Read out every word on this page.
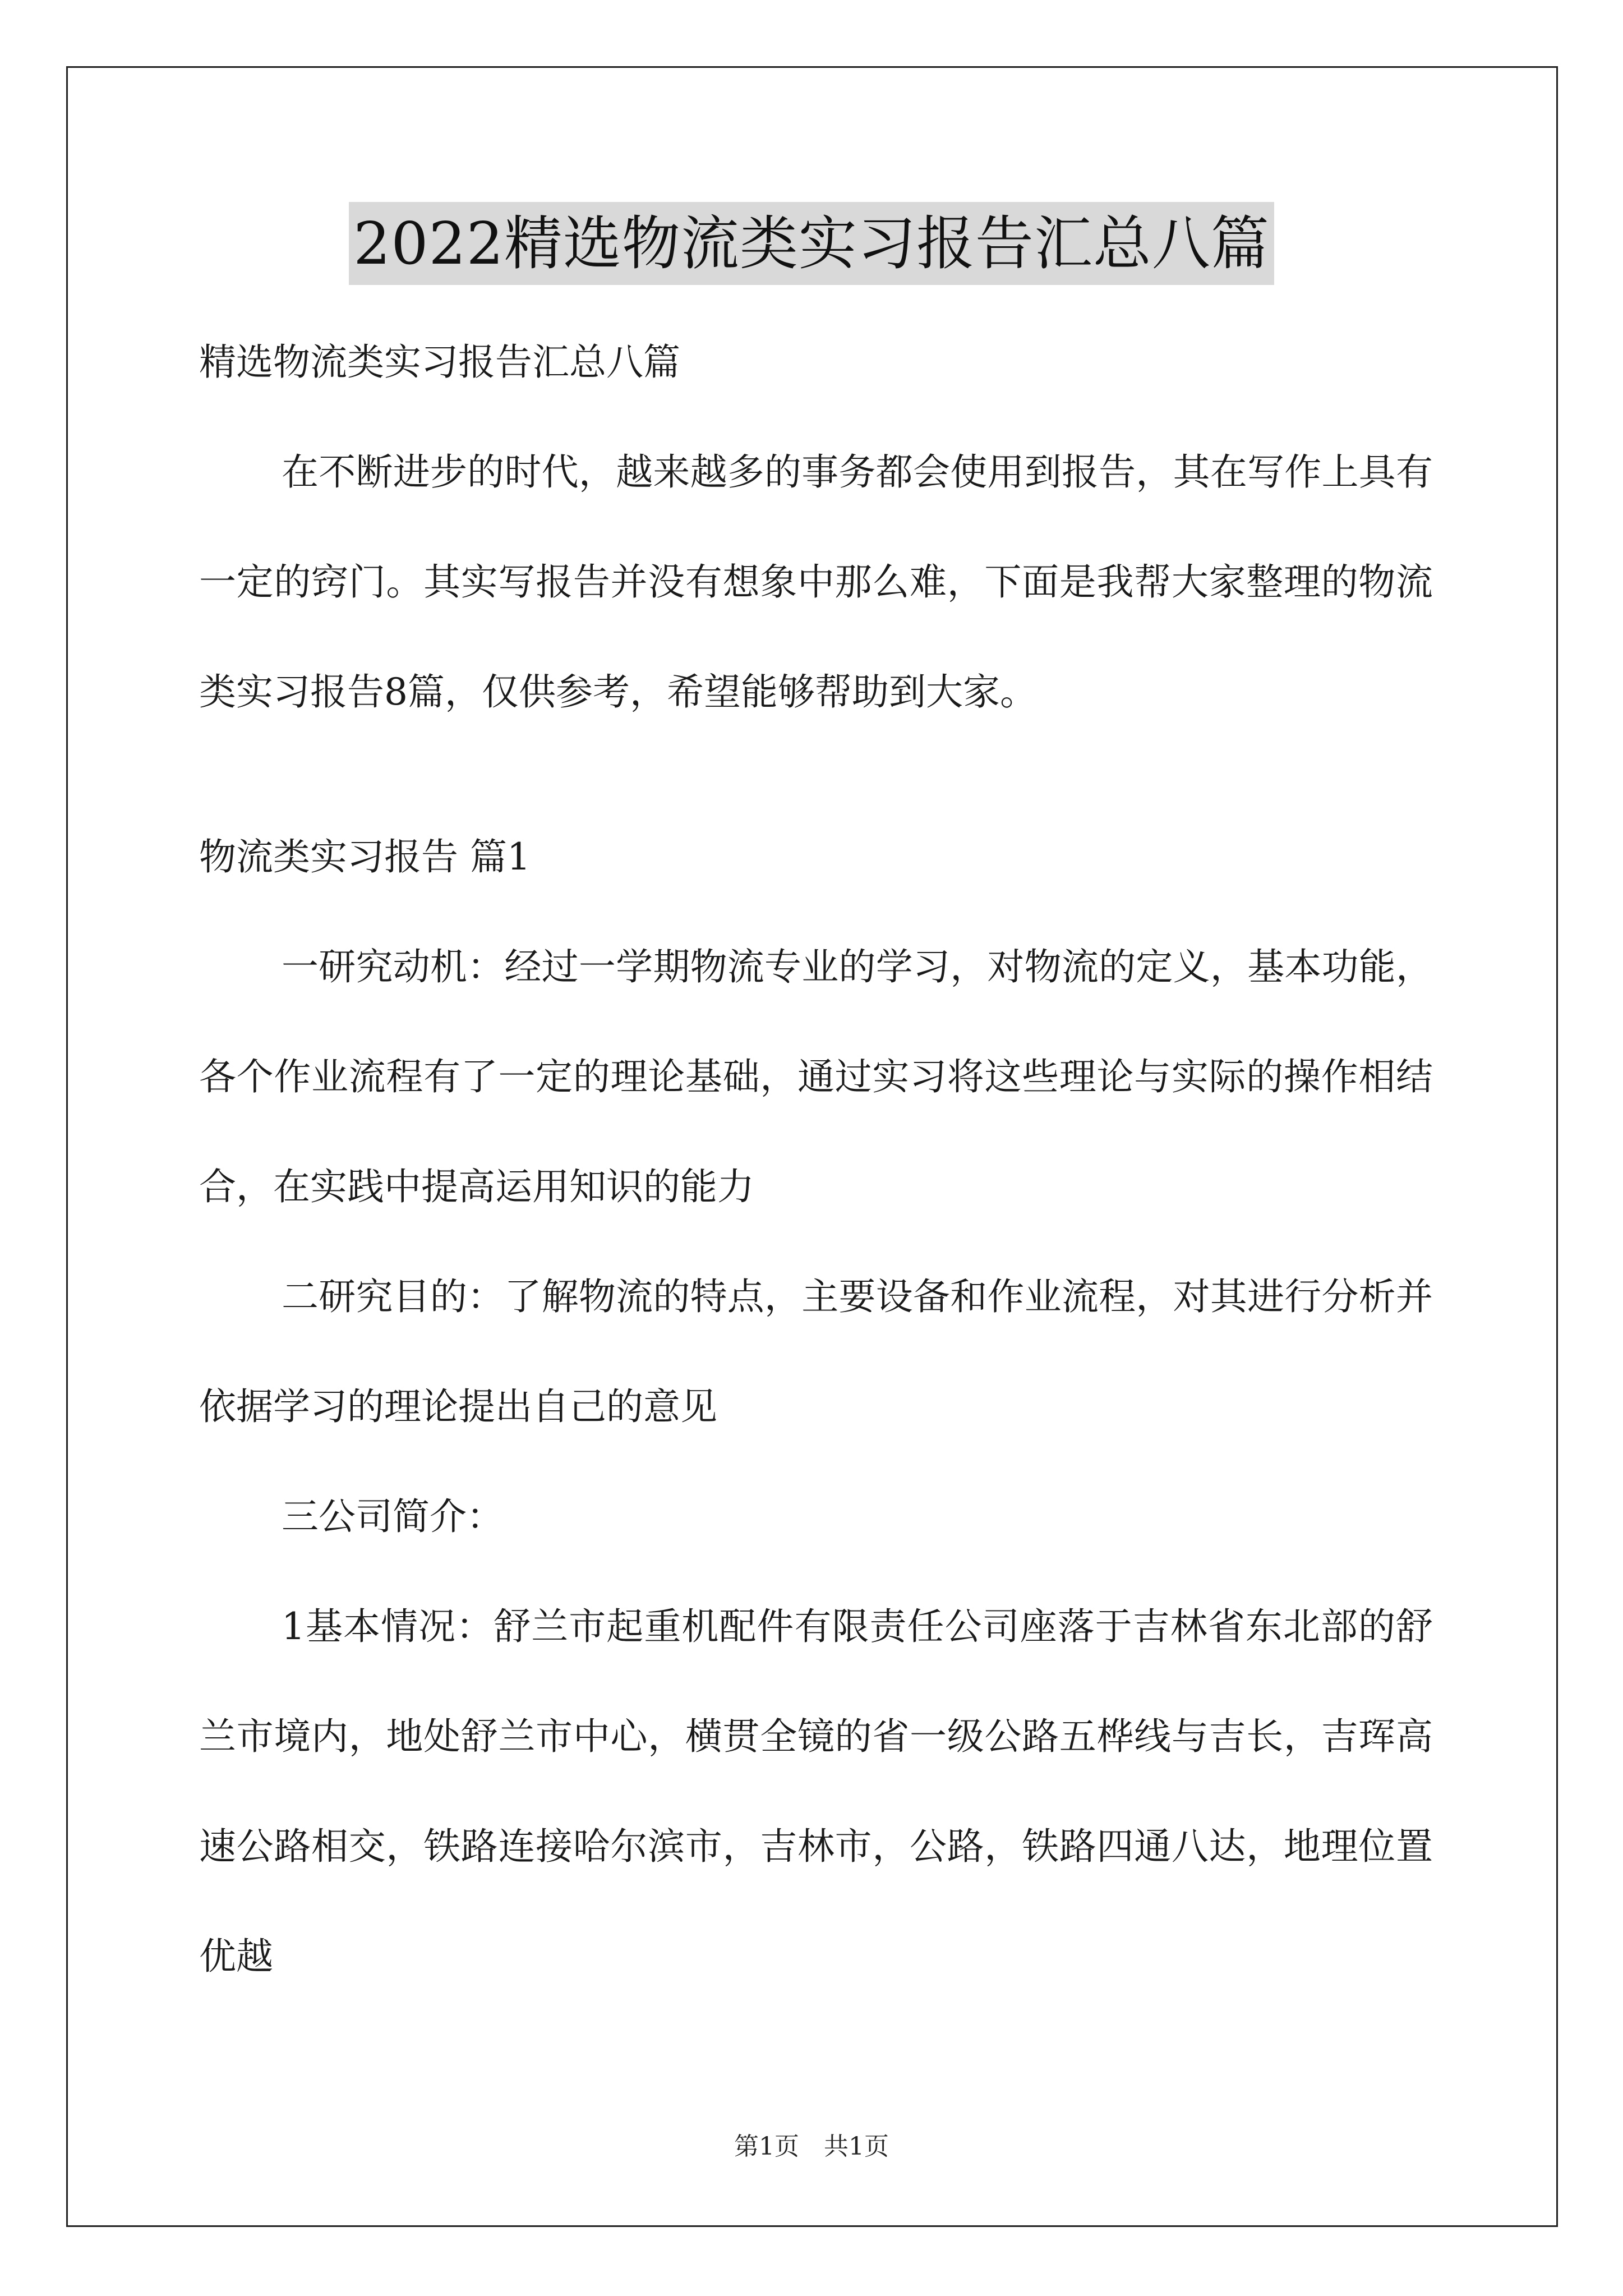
2022精选物流类实习报告汇总八篇
精选物流类实习报告汇总八篇

在不断进步的时代，越来越多的事务都会使用到报告，其在写作上具有一定的窍门。其实写报告并没有想象中那么难，下面是我帮大家整理的物流类实习报告8篇，仅供参考，希望能够帮助到大家。

物流类实习报告 篇1

一研究动机：经过一学期物流专业的学习，对物流的定义，基本功能，各个作业流程有了一定的理论基础，通过实习将这些理论与实际的操作相结合，在实践中提高运用知识的能力

二研究目的：了解物流的特点，主要设备和作业流程，对其进行分析并依据学习的理论提出自己的意见

三公司简介：

1基本情况：舒兰市起重机配件有限责任公司座落于吉林省东北部的舒兰市境内，地处舒兰市中心，横贯全镜的省一级公路五桦线与吉长，吉珲高速公路相交，铁路连接哈尔滨市，吉林市，公路，铁路四通八达，地理位置优越

第1页　共1页
